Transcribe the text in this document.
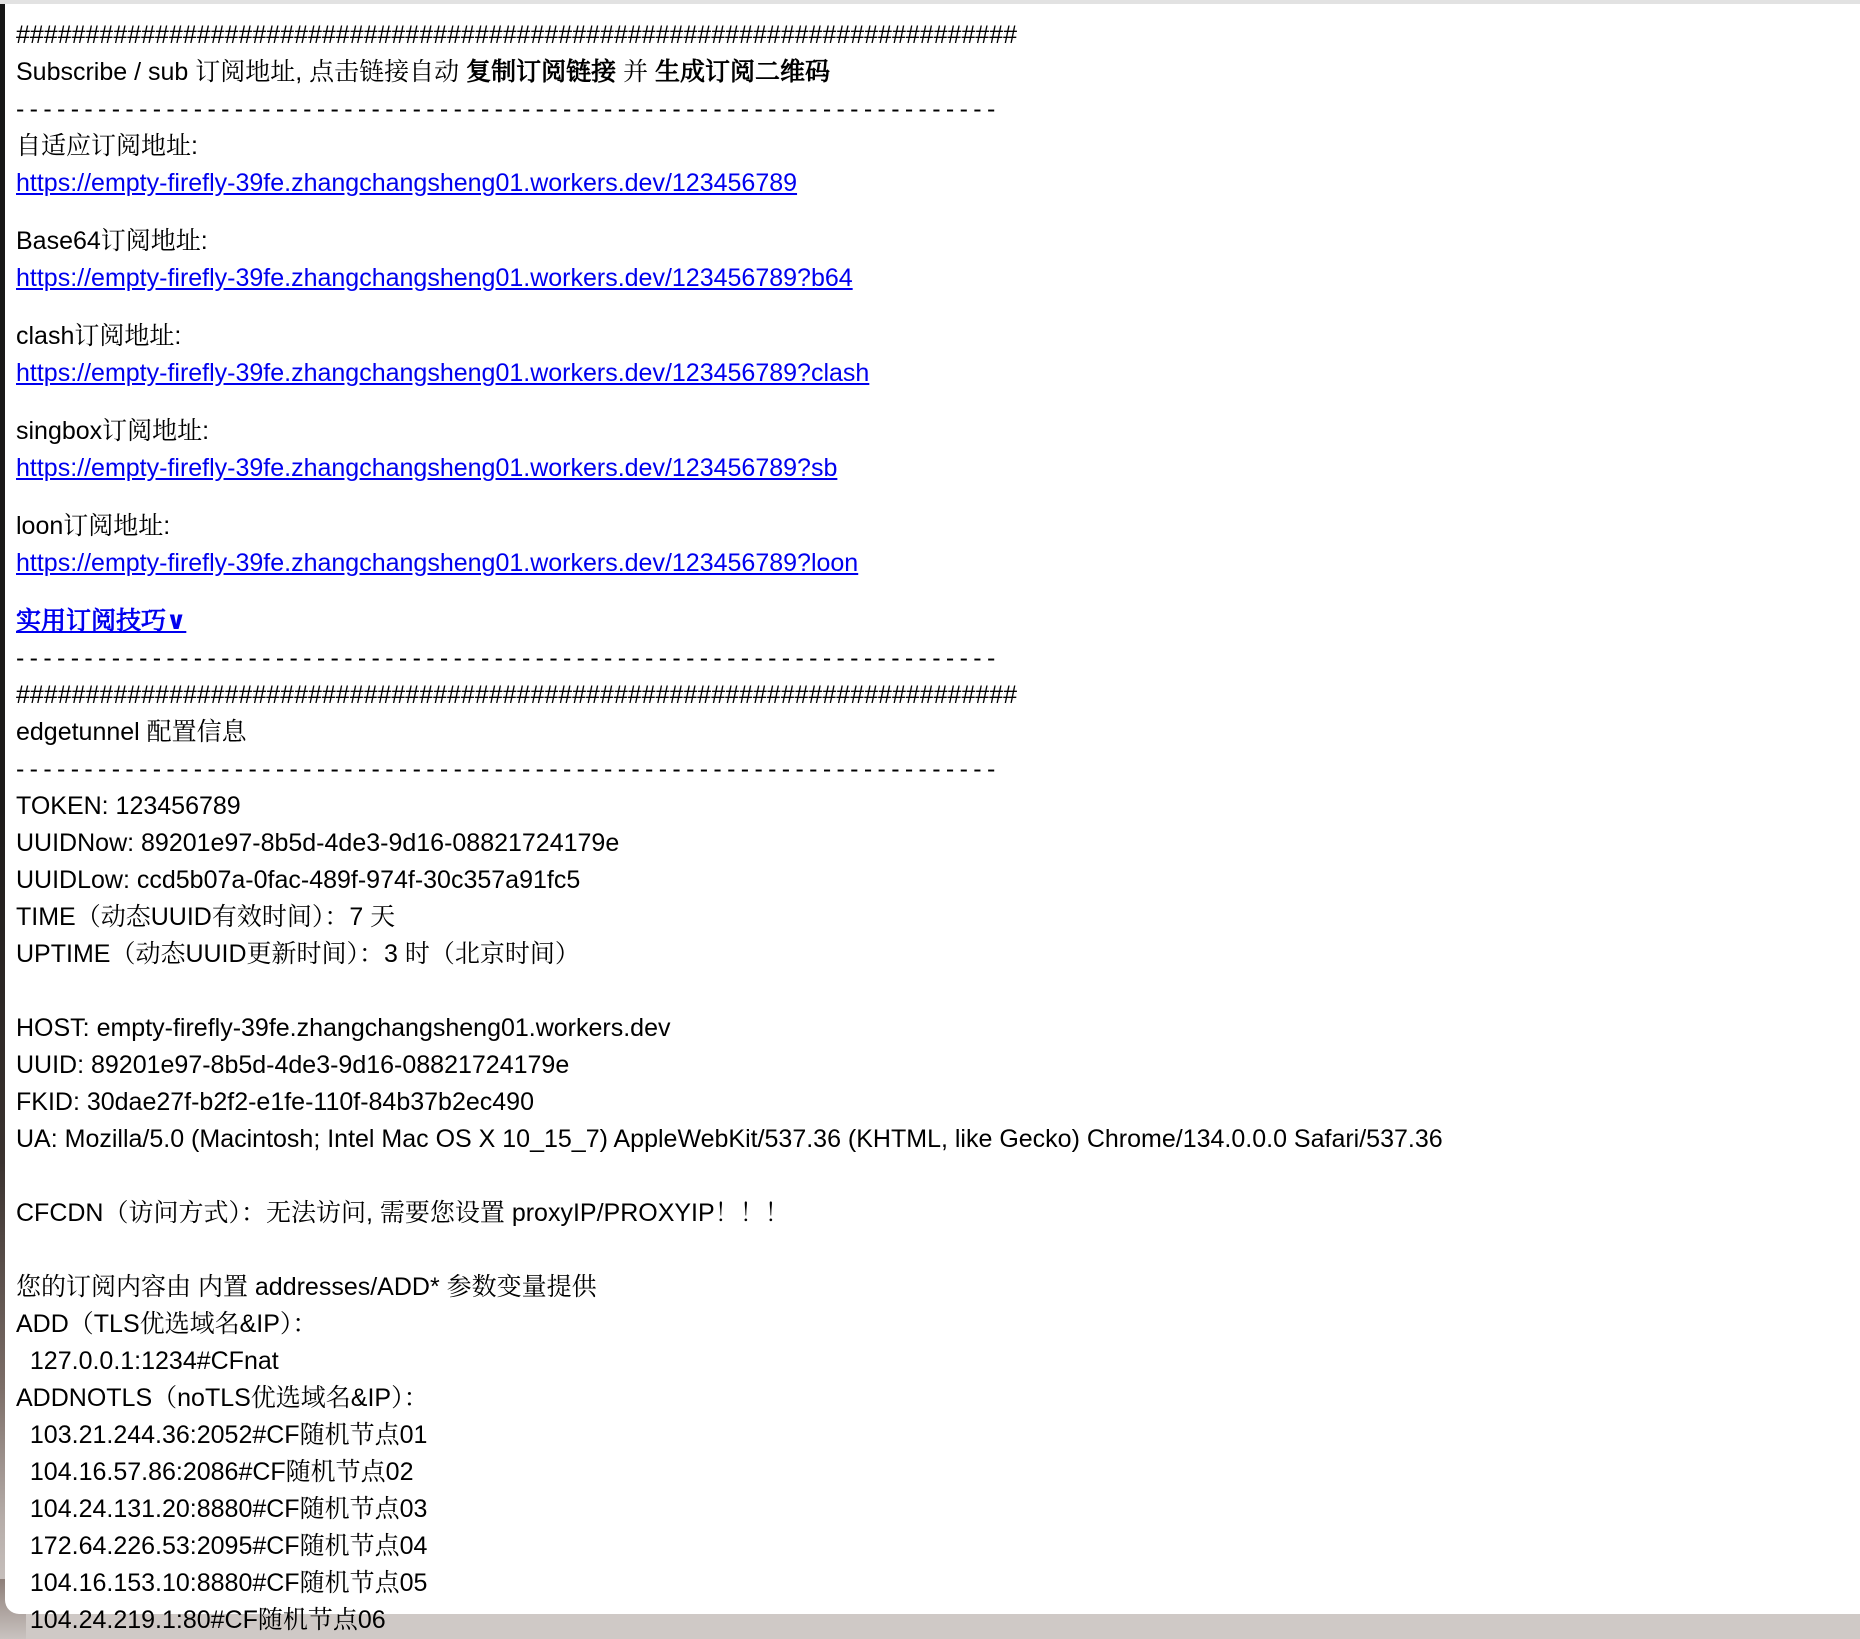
########################################################################
Subscribe / sub 订阅地址, 点击链接自动 复制订阅链接 并 生成订阅二维码
------------------------------------------------------------------------
自适应订阅地址:
https://empty-firefly-39fe.zhangchangsheng01.workers.dev/123456789
Base64订阅地址:
https://empty-firefly-39fe.zhangchangsheng01.workers.dev/123456789?b64
clash订阅地址:
https://empty-firefly-39fe.zhangchangsheng01.workers.dev/123456789?clash
singbox订阅地址:
https://empty-firefly-39fe.zhangchangsheng01.workers.dev/123456789?sb
loon订阅地址:
https://empty-firefly-39fe.zhangchangsheng01.workers.dev/123456789?loon
实用订阅技巧∨
------------------------------------------------------------------------
########################################################################
edgetunnel 配置信息
------------------------------------------------------------------------
TOKEN: 123456789
UUIDNow: 89201e97-8b5d-4de3-9d16-08821724179e
UUIDLow: ccd5b07a-0fac-489f-974f-30c357a91fc5
TIME（动态UUID有效时间）：7 天
UPTIME（动态UUID更新时间）：3 时（北京时间）
HOST: empty-firefly-39fe.zhangchangsheng01.workers.dev
UUID: 89201e97-8b5d-4de3-9d16-08821724179e
FKID: 30dae27f-b2f2-e1fe-110f-84b37b2ec490
UA: Mozilla/5.0 (Macintosh; Intel Mac OS X 10_15_7) AppleWebKit/537.36 (KHTML, like Gecko) Chrome/134.0.0.0 Safari/537.36
CFCDN（访问方式）：无法访问, 需要您设置 proxyIP/PROXYIP！！！
您的订阅内容由 内置 addresses/ADD* 参数变量提供
ADD（TLS优选域名&IP）：
127.0.0.1:1234#CFnat
ADDNOTLS（noTLS优选域名&IP）：
103.21.244.36:2052#CF随机节点01
104.16.57.86:2086#CF随机节点02
104.24.131.20:8880#CF随机节点03
172.64.226.53:2095#CF随机节点04
104.16.153.10:8880#CF随机节点05
104.24.219.1:80#CF随机节点06
